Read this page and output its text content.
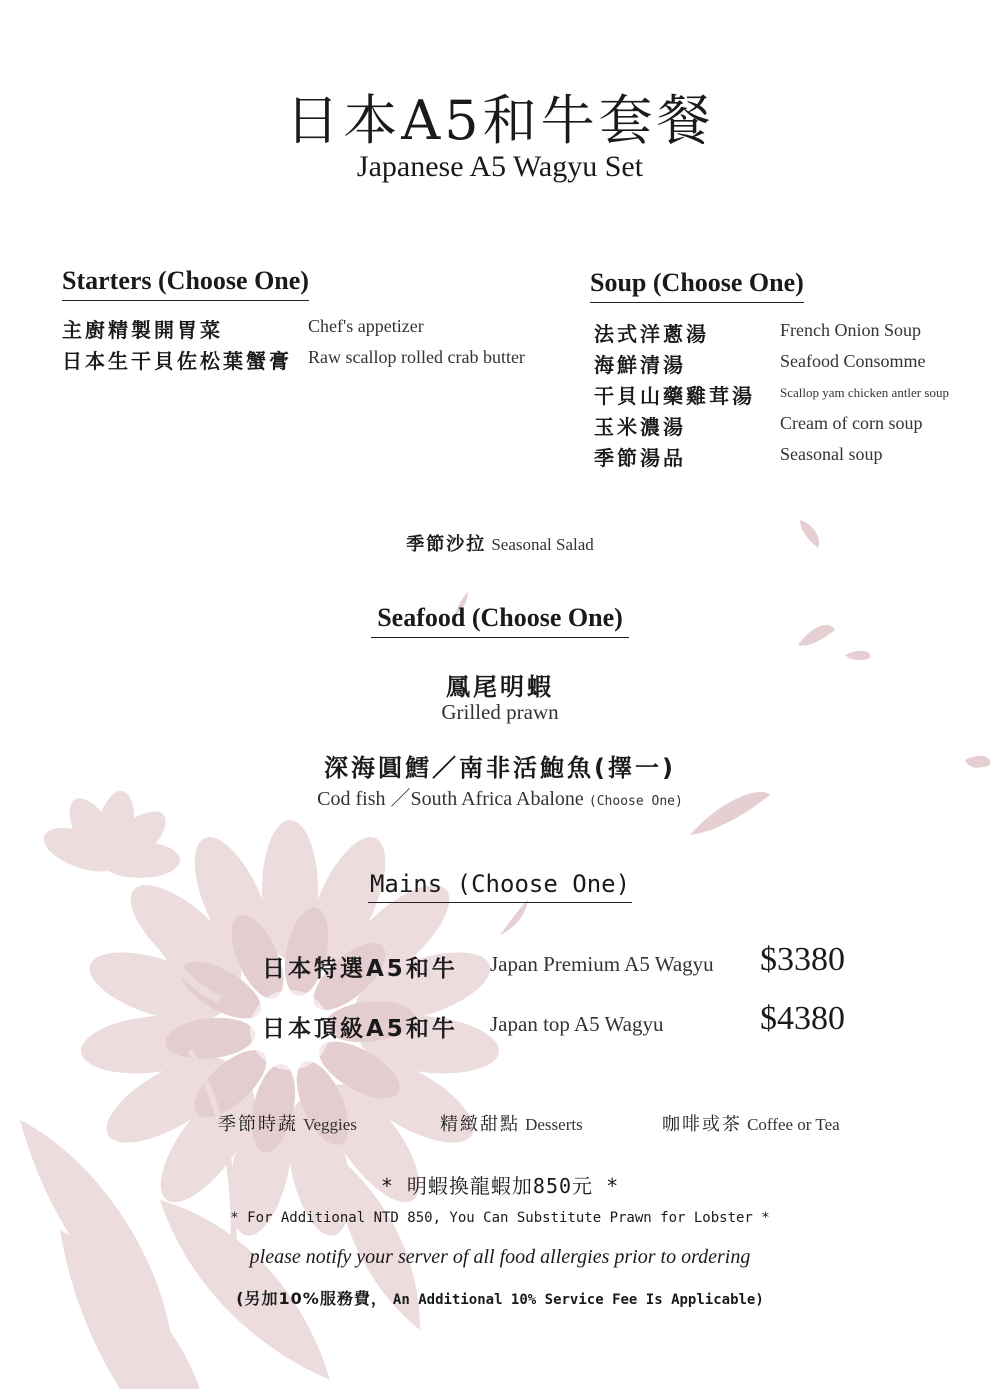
日本A5和牛套餐
Japanese A5 Wagyu Set
Starters (Choose One)
主廚精製開胃菜	Chef's appetizer
日本生干貝佐松葉蟹膏 Raw scallop rolled crab butter
Soup (Choose One)
法式洋蔥湯	French Onion Soup
海鮮清湯	Seafood Consomme
干貝山藥雞茸湯 Scallop yam chicken antler soup
玉米濃湯	Cream of corn soup
季節湯品	Seasonal soup
季節沙拉 Seasonal Salad
Seafood (Choose One)
鳳尾明蝦
Grilled prawn
深海圓鱈／南非活鮑魚(擇一)
Cod fish ／South Africa Abalone (Choose One)
Mains (Choose One)
日本特選A5和牛 Japan Premium A5 Wagyu $3380
日本頂級A5和牛 Japan top A5 Wagyu	$4380
季節時蔬 Veggies	精緻甜點 Desserts	咖啡或茶 Coffee or Tea
* 明蝦換龍蝦加850元 *
* For Additional NTD 850, You Can Substitute Prawn for Lobster *
please notify your server of all food allergies prior to ordering
(另加10%服務費， An Additional 10% Service Fee Is Applicable)
